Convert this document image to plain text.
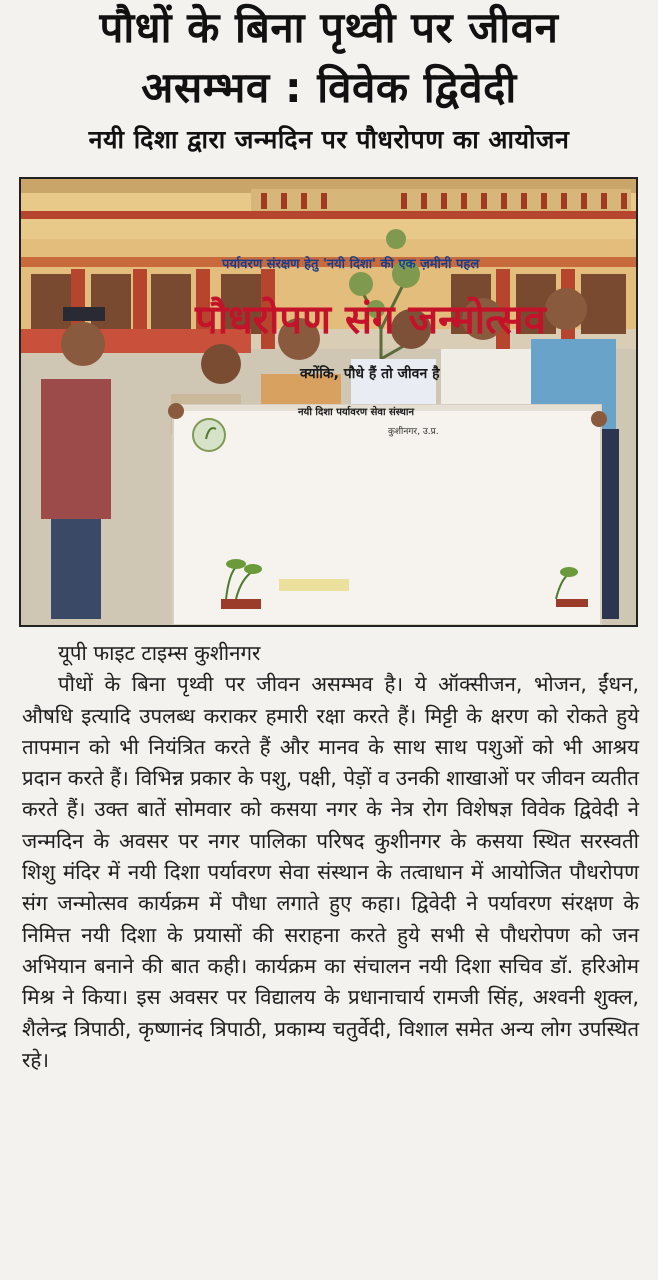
पौधों के बिना पृथ्वी पर जीवन
असम्भव : विवेक द्विवेदी
नयी दिशा द्वारा जन्मदिन पर पौधरोपण का आयोजन
पर्यावरण संरक्षण हेतु 'नयी दिशा' की एक ज़मीनी पहल
पौधरोपण संग जन्मोत्सव
क्योंकि, पौधे हैं तो जीवन है
नयी दिशा पर्यावरण सेवा संस्थान
कुशीनगर, उ.प्र.

यूपी फाइट टाइम्स कुशीनगर

पौधों के बिना पृथ्वी पर जीवन असम्भव है। ये ऑक्सीजन, भोजन, ईंधन, औषधि इत्यादि उपलब्ध कराकर हमारी रक्षा करते हैं। मिट्टी के क्षरण को रोकते हुये तापमान को भी नियंत्रित करते हैं और मानव के साथ साथ पशुओं को भी आश्रय प्रदान करते हैं। विभिन्न प्रकार के पशु, पक्षी, पेड़ों व उनकी शाखाओं पर जीवन व्यतीत करते हैं। उक्त बातें सोमवार को कसया नगर के नेत्र रोग विशेषज्ञ विवेक द्विवेदी ने जन्मदिन के अवसर पर नगर पालिका परिषद कुशीनगर के कसया स्थित सरस्वती शिशु मंदिर में नयी दिशा पर्यावरण सेवा संस्थान के तत्वाधान में आयोजित पौधरोपण संग जन्मोत्सव कार्यक्रम में पौधा लगाते हुए कहा। द्विवेदी ने पर्यावरण संरक्षण के निमित्त नयी दिशा के प्रयासों की सराहना करते हुये सभी से पौधरोपण को जन अभियान बनाने की बात कही। कार्यक्रम का संचालन नयी दिशा सचिव डॉ. हरिओम मिश्र ने किया। इस अवसर पर विद्यालय के प्रधानाचार्य रामजी सिंह, अश्वनी शुक्ल, शैलेन्द्र त्रिपाठी, कृष्णानंद त्रिपाठी, प्रकाम्य चतुर्वेदी, विशाल समेत अन्य लोग उपस्थित रहे।
